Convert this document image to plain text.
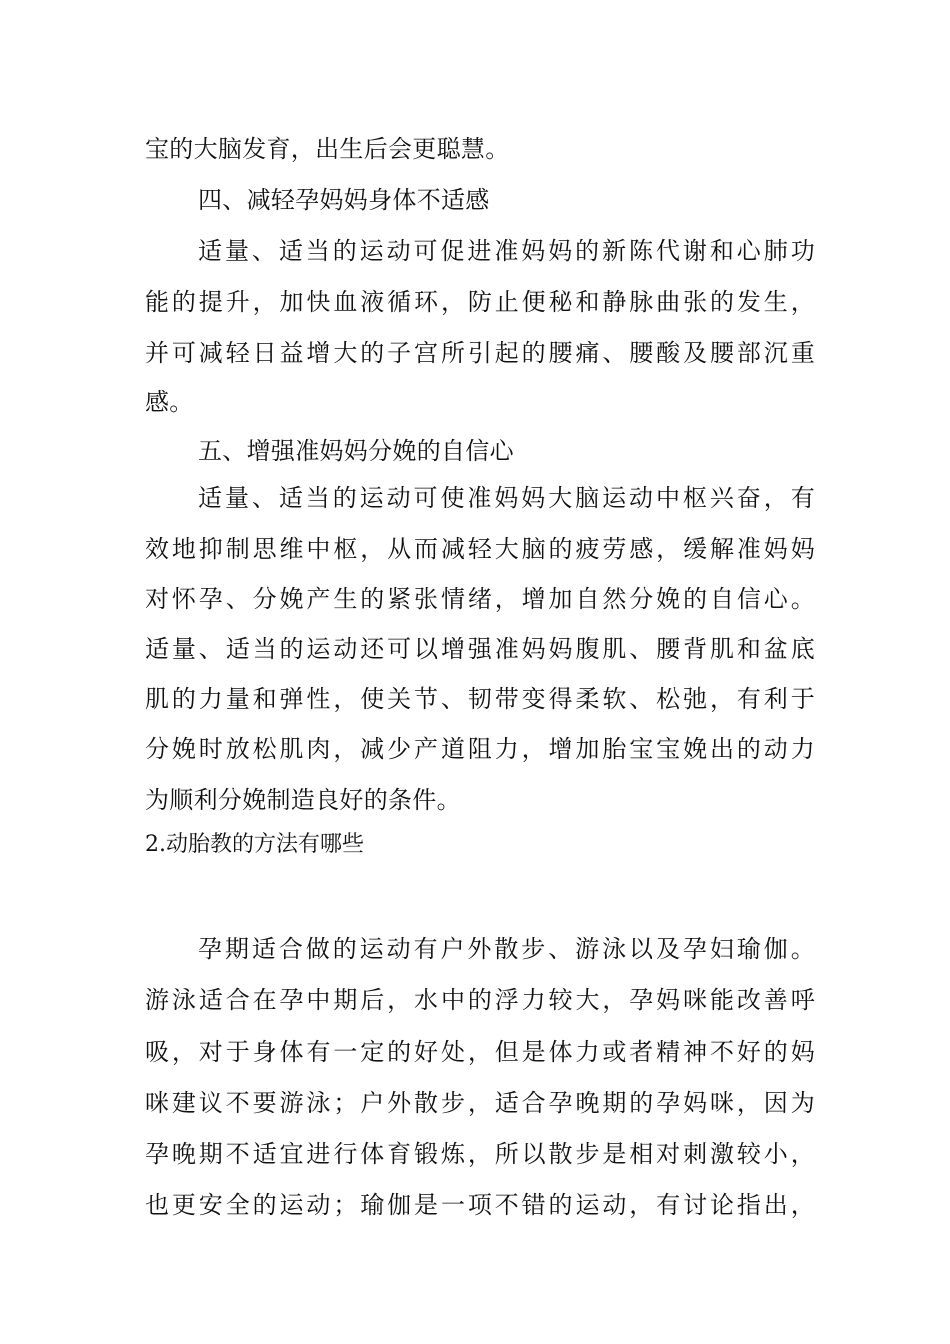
宝的大脑发育，出生后会更聪慧。
四、减轻孕妈妈身体不适感
适量、适当的运动可促进准妈妈的新陈代谢和心肺功
能的提升，加快血液循环，防止便秘和静脉曲张的发生，
并可减轻日益增大的子宫所引起的腰痛、腰酸及腰部沉重
感。
五、增强准妈妈分娩的自信心
适量、适当的运动可使准妈妈大脑运动中枢兴奋，有
效地抑制思维中枢，从而减轻大脑的疲劳感，缓解准妈妈
对怀孕、分娩产生的紧张情绪，增加自然分娩的自信心。
适量、适当的运动还可以增强准妈妈腹肌、腰背肌和盆底
肌的力量和弹性，使关节、韧带变得柔软、松弛，有利于
分娩时放松肌肉，减少产道阻力，增加胎宝宝娩出的动力
为顺利分娩制造良好的条件。
2.动胎教的方法有哪些
孕期适合做的运动有户外散步、游泳以及孕妇瑜伽。
游泳适合在孕中期后，水中的浮力较大，孕妈咪能改善呼
吸，对于身体有一定的好处，但是体力或者精神不好的妈
咪建议不要游泳；户外散步，适合孕晚期的孕妈咪，因为
孕晚期不适宜进行体育锻炼，所以散步是相对刺激较小，
也更安全的运动；瑜伽是一项不错的运动，有讨论指出，
